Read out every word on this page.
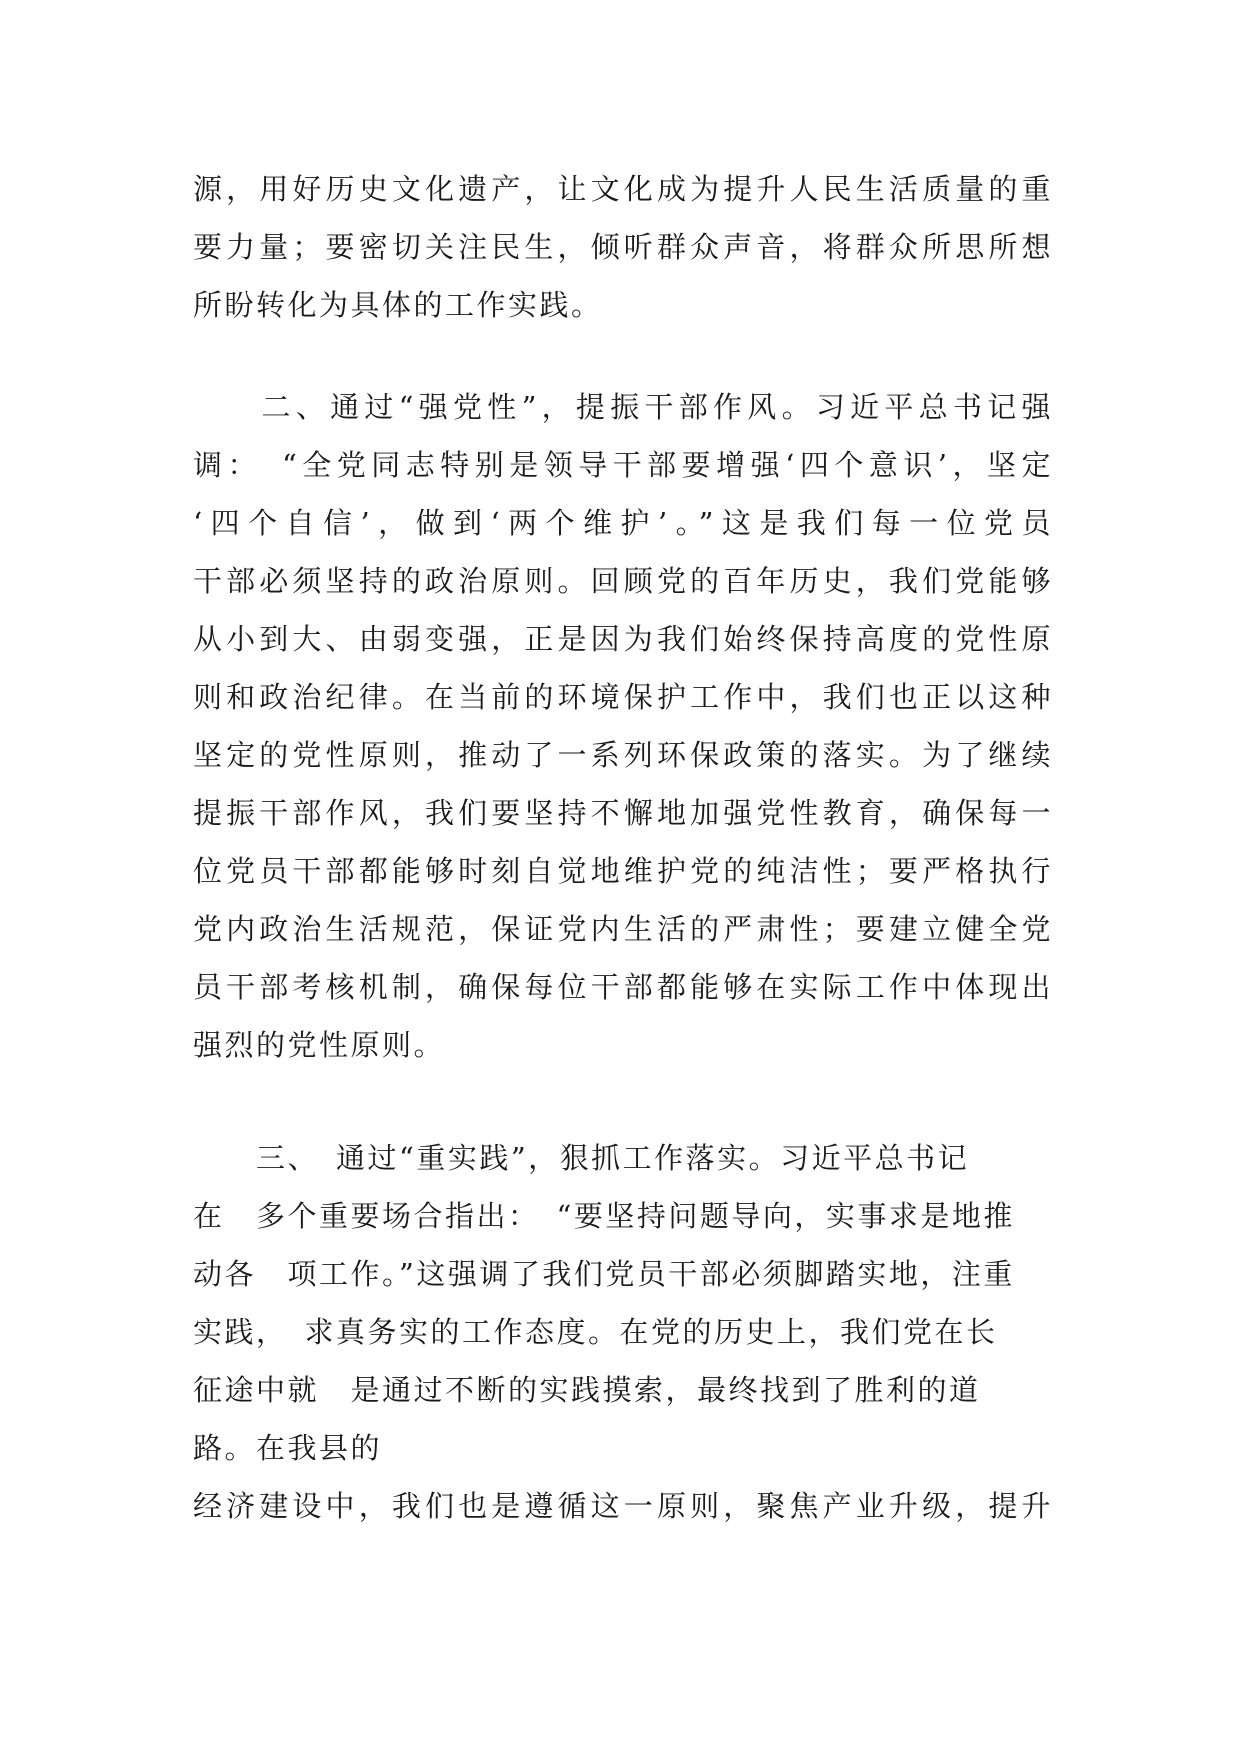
源，用好历史文化遗产，让文化成为提升人民生活质量的重
要力量；要密切关注民生，倾听群众声音，将群众所思所想
所盼转化为具体的工作实践。
　　二、通过“强党性”，提振干部作风。习近平总书记强
调：　“全党同志特别是领导干部要增强‘四个意识’，坚定
‘四个自信’，做到‘两个维护’。”这是我们每一位党员
干部必须坚持的政治原则。回顾党的百年历史，我们党能够
从小到大、由弱变强，正是因为我们始终保持高度的党性原
则和政治纪律。在当前的环境保护工作中，我们也正以这种
坚定的党性原则，推动了一系列环保政策的落实。为了继续
提振干部作风，我们要坚持不懈地加强党性教育，确保每一
位党员干部都能够时刻自觉地维护党的纯洁性；要严格执行
党内政治生活规范，保证党内生活的严肃性；要建立健全党
员干部考核机制，确保每位干部都能够在实际工作中体现出
强烈的党性原则。
　　三、　通过“重实践”，狠抓工作落实。习近平总书记
在　多个重要场合指出：　“要坚持问题导向，实事求是地推
动各　项工作。”这强调了我们党员干部必须脚踏实地，注重
实践，　求真务实的工作态度。在党的历史上，我们党在长
征途中就　是通过不断的实践摸索，最终找到了胜利的道
路。在我县的
经济建设中，我们也是遵循这一原则，聚焦产业升级，提升
